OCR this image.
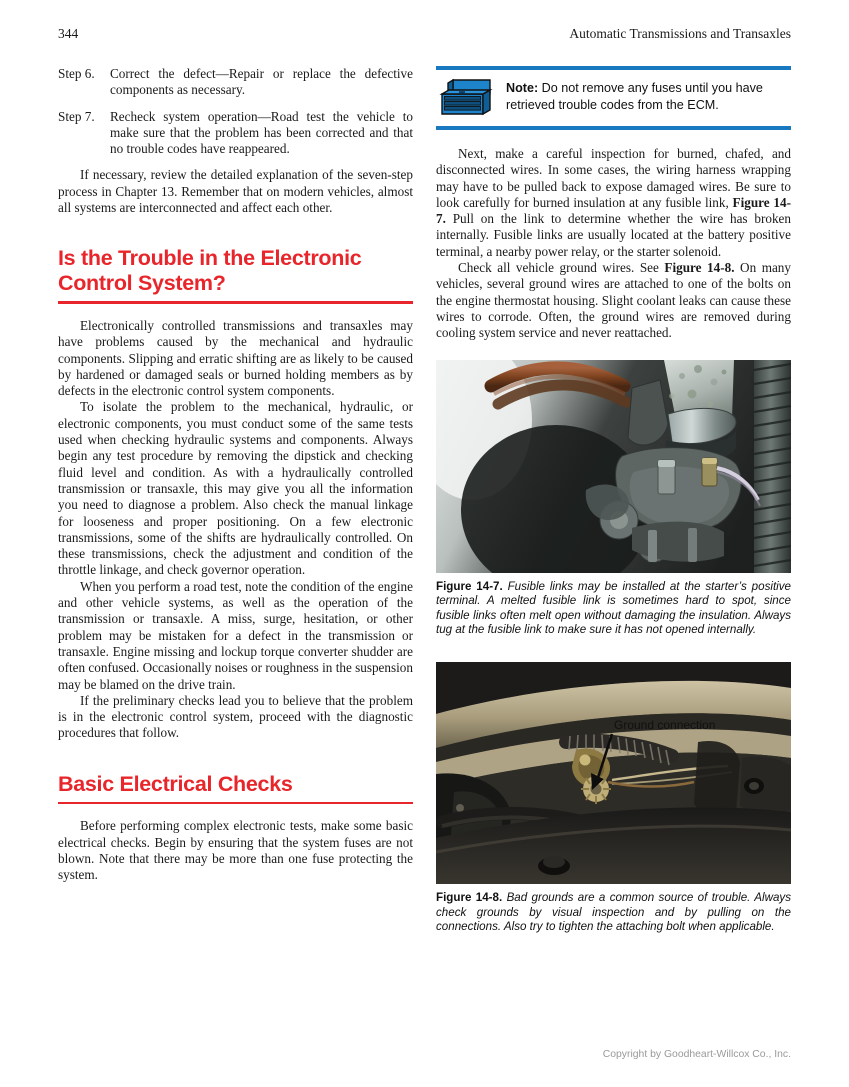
344	Automatic Transmissions and Transaxles
Step 6.	Correct the defect—Repair or replace the defective components as necessary.
Step 7.	Recheck system operation—Road test the vehicle to make sure that the problem has been corrected and that no trouble codes have reappeared.

If necessary, review the detailed explanation of the seven-step process in Chapter 13. Remember that on modern vehicles, almost all systems are interconnected and affect each other.

Is the Trouble in the Electronic Control System?

Electronically controlled transmissions and transaxles may have problems caused by the mechanical and hydraulic components. Slipping and erratic shifting are as likely to be caused by hardened or damaged seals or burned holding members as by defects in the electronic control system components.

To isolate the problem to the mechanical, hydraulic, or electronic components, you must conduct some of the same tests used when checking hydraulic systems and components. Always begin any test procedure by removing the dipstick and checking fluid level and condition. As with a hydraulically controlled transmission or transaxle, this may give you all the information you need to diagnose a problem. Also check the manual linkage for looseness and proper positioning. On a few electronic transmissions, some of the shifts are hydraulically controlled. On these transmissions, check the adjustment and condition of the throttle linkage, and check governor operation.

When you perform a road test, note the condition of the engine and other vehicle systems, as well as the operation of the transmission or transaxle. A miss, surge, hesitation, or other problem may be mistaken for a defect in the transmission or transaxle. Engine missing and lockup torque converter shudder are often confused. Occasionally noises or roughness in the suspension may be blamed on the drive train.

If the preliminary checks lead you to believe that the problem is in the electronic control system, proceed with the diagnostic procedures that follow.

Basic Electrical Checks

Before performing complex electronic tests, make some basic electrical checks. Begin by ensuring that the system fuses are not blown. Note that there may be more than one fuse protecting the system.

Note: Do not remove any fuses until you have retrieved trouble codes from the ECM.

Next, make a careful inspection for burned, chafed, and disconnected wires. In some cases, the wiring harness wrapping may have to be pulled back to expose damaged wires. Be sure to look carefully for burned insulation at any fusible link, Figure 14-7. Pull on the link to determine whether the wire has broken internally. Fusible links are usually located at the battery positive terminal, a nearby power relay, or the starter solenoid.

Check all vehicle ground wires. See Figure 14-8. On many vehicles, several ground wires are attached to one of the bolts on the engine thermostat housing. Slight coolant leaks can cause these wires to corrode. Often, the ground wires are removed during cooling system service and never reattached.

Figure 14-7. Fusible links may be installed at the starter’s positive terminal. A melted fusible link is sometimes hard to spot, since fusible links often melt open without damaging the insulation. Always tug at the fusible link to make sure it has not opened internally.

Ground connection

Figure 14-8. Bad grounds are a common source of trouble. Always check grounds by visual inspection and by pulling on the connections. Also try to tighten the attaching bolt when applicable.

Copyright by Goodheart-Willcox Co., Inc.
